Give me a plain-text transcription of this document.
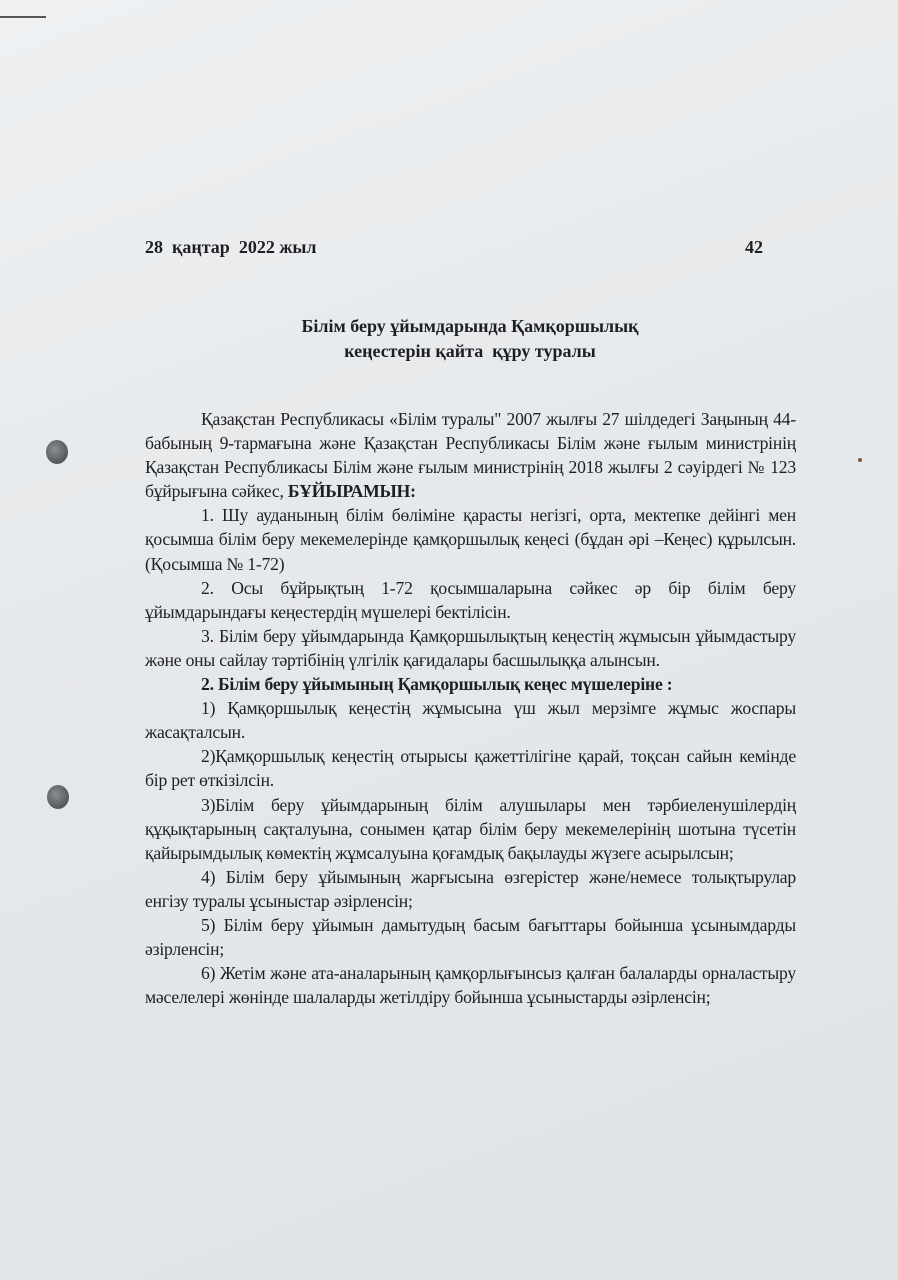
28  қаңтар  2022 жыл	42
Білім беру ұйымдарында Қамқоршылық
кеңестерін қайта  құру туралы

Қазақстан Республикасы «Білім туралы" 2007 жылғы 27 шілдедегі Заңының 44-бабының 9-тармағына және Қазақстан Республикасы Білім және ғылым министрінің Қазақстан Республикасы Білім және ғылым министрінің 2018 жылғы 2 сәуірдегі № 123 бұйрығына сәйкес, БҰЙЫРАМЫН:

1. Шу ауданының білім бөліміне қарасты негізгі, орта, мектепке дейінгі мен қосымша білім беру мекемелерінде қамқоршылық кеңесі (бұдан әрі –Кеңес) құрылсын. (Қосымша № 1-72)

2. Осы бұйрықтың 1-72 қосымшаларына сәйкес әр бір білім беру ұйымдарындағы кеңестердің мүшелері бектілісін.

3. Білім беру ұйымдарында Қамқоршылықтың кеңестің жұмысын ұйымдастыру және оны сайлау тәртібінің үлгілік қағидалары басшылыққа алынсын.

2. Білім беру ұйымының Қамқоршылық кеңес мүшелеріне :

1) Қамқоршылық кеңестің жұмысына үш жыл мерзімге жұмыс жоспары жасақталсын.

2)Қамқоршылық кеңестің отырысы қажеттілігіне қарай, тоқсан сайын кемінде бір рет өткізілсін.

3)Білім беру ұйымдарының білім алушылары мен тәрбиеленушілердің құқықтарының сақталуына, сонымен қатар білім беру мекемелерінің шотына түсетін қайырымдылық көмектің жұмсалуына қоғамдық бақылауды жүзеге асырылсын;

4) Білім беру ұйымының жарғысына өзгерістер және/немесе толықтырулар енгізу туралы ұсыныстар әзірленсін;

5) Білім беру ұйымын дамытудың басым бағыттары бойынша ұсынымдарды әзірленсін;

6) Жетім және ата-аналарының қамқорлығынсыз қалған балаларды орналастыру мәселелері жөнінде шалаларды жетілдіру бойынша ұсыныстарды әзірленсін;
